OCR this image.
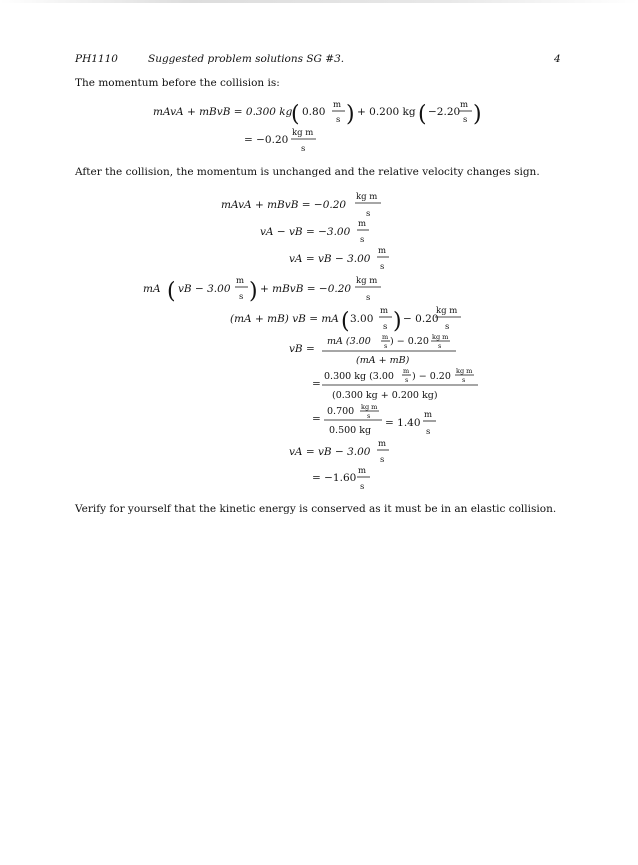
PH1110	Suggested problem solutions SG #3.	4
The momentum before the collision is:
mAvA + mBvB = 0.300 kg
( 0.80
m
s ) + 0.200 kg ( −2.20
m
s )
= −0.20
kg m
s
After the collision, the momentum is unchanged and the relative velocity changes sign.
mAvA + mBvB = −0.20
kg m
s
vA − vB = −3.00
m
s
vA = vB − 3.00
m
s
mA ( vB − 3.00
m
s ) + mBvB = −0.20
kg m
s
(mA + mB) vB = mA ( 3.00
m
s ) − 0.20
kg m
s
vB =
mA (3.00 m
s ) − 0.20 kg m
s
(mA + mB)
=
0.300 kg (3.00 m
s ) − 0.20 kg m
s
(0.300 kg + 0.200 kg)
=
0.700 kg m
s
0.500 kg
= 1.40
m
s
vA = vB − 3.00
m
s
= −1.60
m
s
Verify for yourself that the kinetic energy is conserved as it must be in an elastic collision.
